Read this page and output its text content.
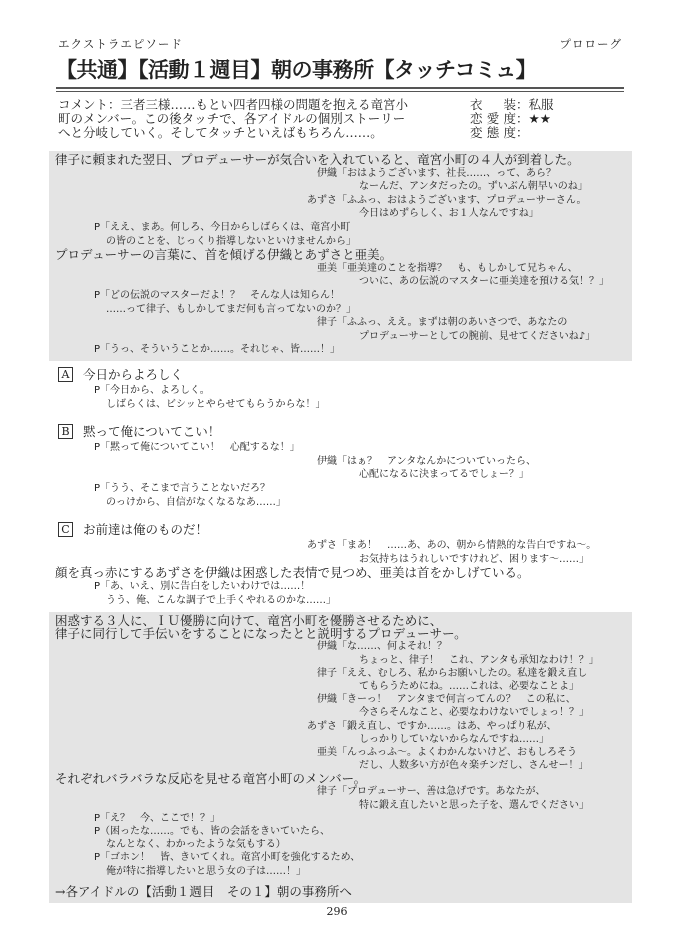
エクストラエピソード	プロローグ
【共通】【活動１週目】朝の事務所【タッチコミュ】
コメント：三者三様……もとい四者四様の問題を抱える竜宮小
町のメンバー。この後タッチで、各アイドルの個別ストーリー
へと分岐していく。そしてタッチといえばもちろん……。
衣　装 ： 私服
恋愛度 ： ★★
変態度 ：
律子に頼まれた翌日、プロデューサーが気合いを入れていると、竜宮小町の４人が到着した。
伊織 「おはようございます、社長……、って、あら？
なーんだ、アンタだったの。ずいぶん朝早いのね」
あずさ 「ふふっ、おはようございます、プロデューサーさん。
今日はめずらしく、お１人なんですね」
P 「ええ、まあ。何しろ、今日からしばらくは、竜宮小町
の皆のことを、じっくり指導しないといけませんから」
プロデューサーの言葉に、首を傾げる伊織とあずさと亜美。
亜美 「亜美達のことを指導？　も、もしかして兄ちゃん、
ついに、あの伝説のマスターに亜美達を預ける気！？」
P 「どの伝説のマスターだよ！？　そんな人は知らん！
……って律子、もしかしてまだ何も言ってないのか？」
律子 「ふふっ、ええ。まずは朝のあいさつで、あなたの
プロデューサーとしての腕前、見せてくださいね♪」
P 「うっ、そういうことか……。それじゃ、皆……！」
A 今日からよろしく
P 「今日から、よろしく。
しばらくは、ビシッとやらせてもらうからな！」
B 黙って俺についてこい！
P 「黙って俺についてこい！　心配するな！」
伊織 「はぁ？　アンタなんかについていったら、
心配になるに決まってるでしょー？」
P 「うう、そこまで言うことないだろ？
のっけから、自信がなくなるなあ……」
C お前達は俺のものだ！
あずさ 「まあ！　……あ、あの、朝から情熱的な告白ですね～。
お気持ちはうれしいですけれど、困ります～……」
顔を真っ赤にするあずさを伊織は困惑した表情で見つめ、亜美は首をかしげている。
P 「あ、いえ、別に告白をしたいわけでは……！
うう、俺、こんな調子で上手くやれるのかな……」
困惑する３人に、ＩＵ優勝に向けて、竜宮小町を優勝させるために、
律子に同行して手伝いをすることになったとと説明するプロデューサー。
伊織 「な……、何よそれ！？
ちょっと、律子！　これ、アンタも承知なわけ！？」
律子 「ええ、むしろ、私からお願いしたの。私達を鍛え直し
てもらうためにね。……これは、必要なことよ」
伊織 「きーっ！　アンタまで何言ってんの？　この私に、
今さらそんなこと、必要なわけないでしょっ！？」
あずさ 「鍛え直し、ですか……。はあ、やっぱり私が、
しっかりしていないからなんですね……」
亜美 「んっふっふ～。よくわかんないけど、おもしろそう
だし、人数多い方が色々楽チンだし、さんせー！」
それぞれバラバラな反応を見せる竜宮小町のメンバー。
律子 「プロデューサー、善は急げです。あなたが、
特に鍛え直したいと思った子を、選んでください」
P 「え？　今、ここで！？」
P （困ったな……。でも、皆の会話をきいていたら、
なんとなく、わかったような気もする）
P 「ゴホン！　皆、きいてくれ。竜宮小町を強化するため、
俺が特に指導したいと思う女の子は……！」
→各アイドルの【活動１週目　その１】朝の事務所へ
296
